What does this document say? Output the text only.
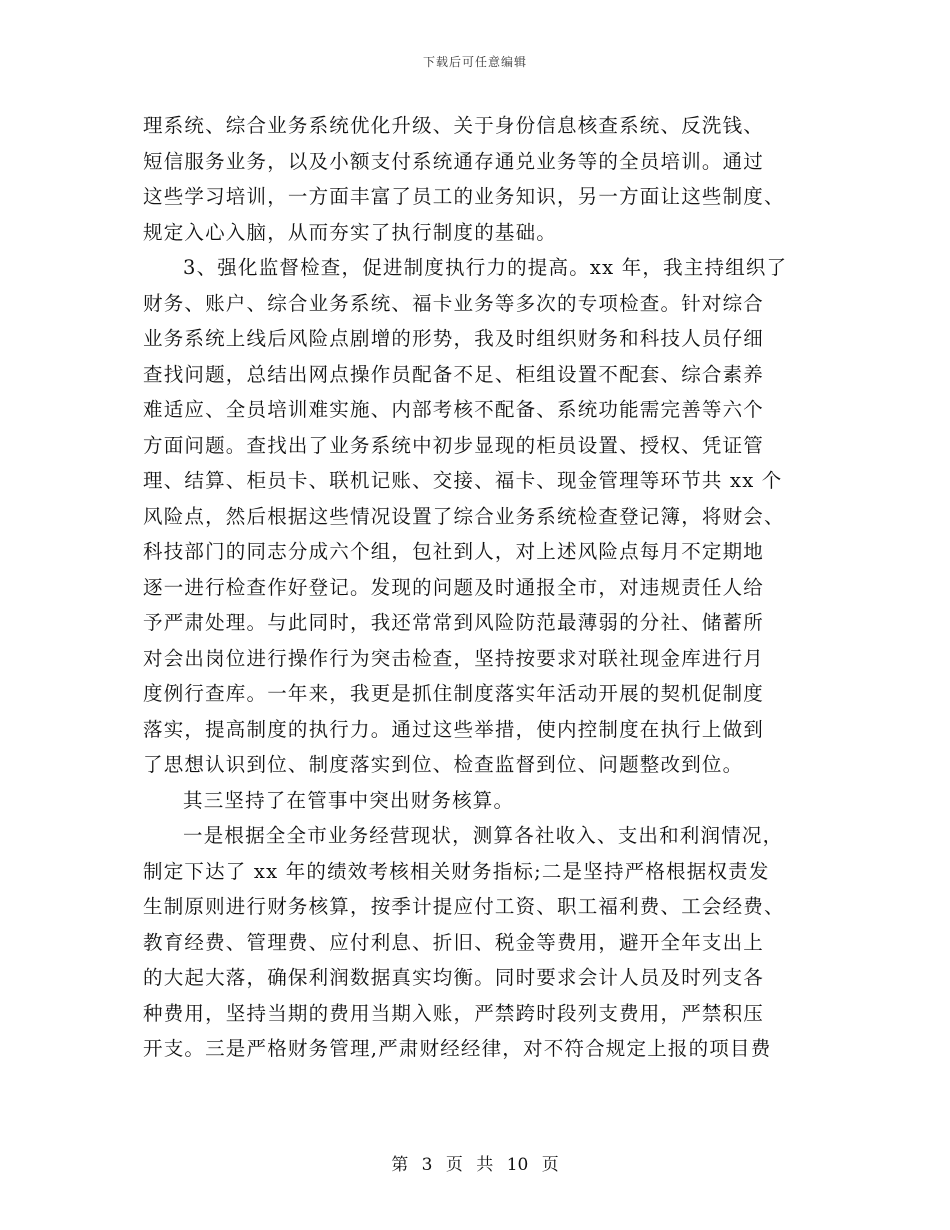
下载后可任意编辑
理系统、综合业务系统优化升级、关于身份信息核查系统、反洗钱、
短信服务业务，以及小额支付系统通存通兑业务等的全员培训。通过
这些学习培训，一方面丰富了员工的业务知识，另一方面让这些制度、
规定入心入脑，从而夯实了执行制度的基础。
3、强化监督检查，促进制度执行力的提高。xx 年，我主持组织了
财务、账户、综合业务系统、福卡业务等多次的专项检查。针对综合
业务系统上线后风险点剧增的形势，我及时组织财务和科技人员仔细
查找问题，总结出网点操作员配备不足、柜组设置不配套、综合素养
难适应、全员培训难实施、内部考核不配备、系统功能需完善等六个
方面问题。查找出了业务系统中初步显现的柜员设置、授权、凭证管
理、结算、柜员卡、联机记账、交接、福卡、现金管理等环节共 xx 个
风险点，然后根据这些情况设置了综合业务系统检查登记簿，将财会、
科技部门的同志分成六个组，包社到人，对上述风险点每月不定期地
逐一进行检查作好登记。发现的问题及时通报全市，对违规责任人给
予严肃处理。与此同时，我还常常到风险防范最薄弱的分社、储蓄所
对会出岗位进行操作行为突击检查，坚持按要求对联社现金库进行月
度例行查库。一年来，我更是抓住制度落实年活动开展的契机促制度
落实，提高制度的执行力。通过这些举措，使内控制度在执行上做到
了思想认识到位、制度落实到位、检查监督到位、问题整改到位。
其三坚持了在管事中突出财务核算。
一是根据全全市业务经营现状，测算各社收入、支出和利润情况，
制定下达了 xx 年的绩效考核相关财务指标;二是坚持严格根据权责发
生制原则进行财务核算，按季计提应付工资、职工福利费、工会经费、
教育经费、管理费、应付利息、折旧、税金等费用，避开全年支出上
的大起大落，确保利润数据真实均衡。同时要求会计人员及时列支各
种费用，坚持当期的费用当期入账，严禁跨时段列支费用，严禁积压
开支。三是严格财务管理,严肃财经经律，对不符合规定上报的项目费
第 3 页 共 10 页
